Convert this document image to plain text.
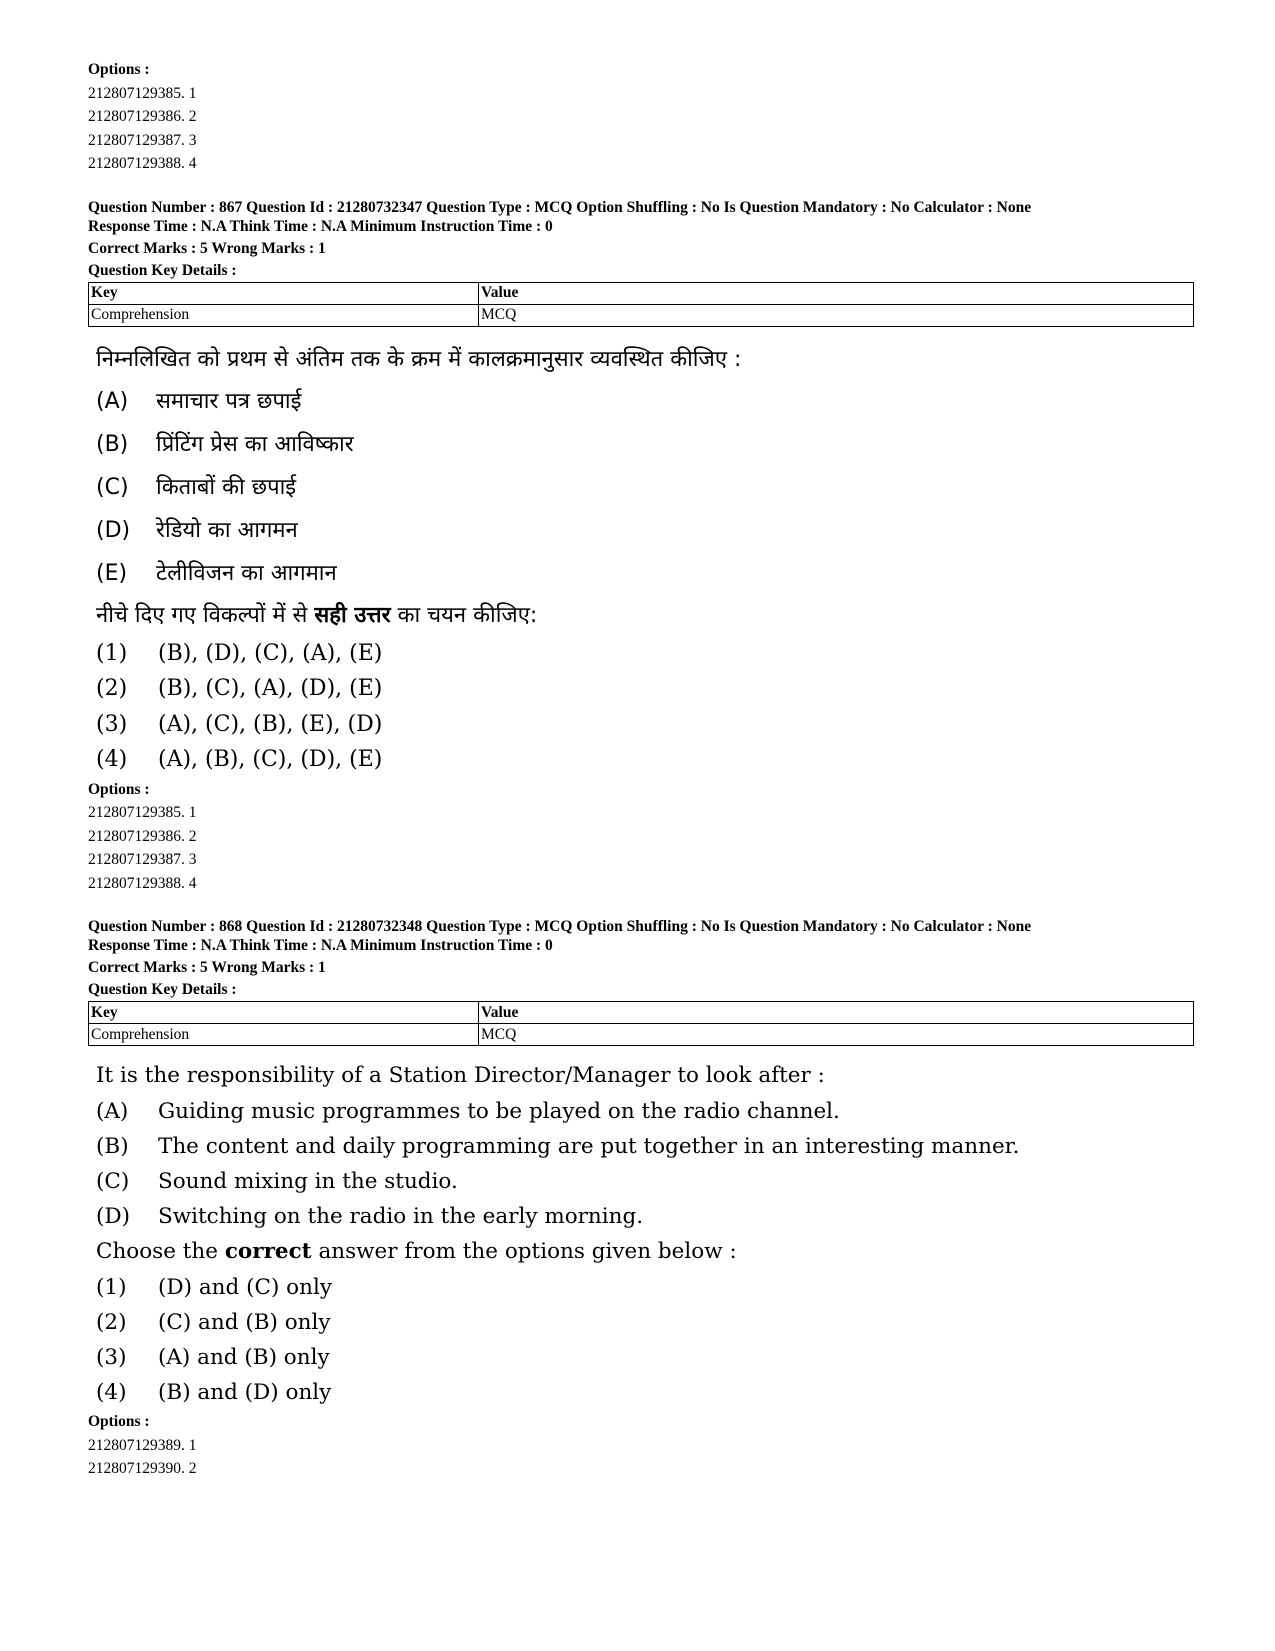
Options :
212807129385. 1
212807129386. 2
212807129387. 3
212807129388. 4
Question Number : 867 Question Id : 21280732347 Question Type : MCQ Option Shuffling : No Is Question Mandatory : No Calculator : None
Response Time : N.A Think Time : N.A Minimum Instruction Time : 0
Correct Marks : 5 Wrong Marks : 1
Question Key Details :
Key	Value
Comprehension	MCQ
निम्नलिखित को प्रथम से अंतिम तक के क्रम में कालक्रमानुसार व्यवस्थित कीजिए :
(A)	समाचार पत्र छपाई
(B)	प्रिंटिंग प्रेस का आविष्कार
(C)	किताबों की छपाई
(D)	रेडियो का आगमन
(E)	टेलीविजन का आगमान
नीचे दिए गए विकल्पों में से सही उत्तर का चयन कीजिए:
(1)	(B), (D), (C), (A), (E)
(2)	(B), (C), (A), (D), (E)
(3)	(A), (C), (B), (E), (D)
(4)	(A), (B), (C), (D), (E)
Options :
212807129385. 1
212807129386. 2
212807129387. 3
212807129388. 4
Question Number : 868 Question Id : 21280732348 Question Type : MCQ Option Shuffling : No Is Question Mandatory : No Calculator : None
Response Time : N.A Think Time : N.A Minimum Instruction Time : 0
Correct Marks : 5 Wrong Marks : 1
Question Key Details :
Key	Value
Comprehension	MCQ
It is the responsibility of a Station Director/Manager to look after :
(A)	Guiding music programmes to be played on the radio channel.
(B)	The content and daily programming are put together in an interesting manner.
(C)	Sound mixing in the studio.
(D)	Switching on the radio in the early morning.
Choose the correct answer from the options given below :
(1)	(D) and (C) only
(2)	(C) and (B) only
(3)	(A) and (B) only
(4)	(B) and (D) only
Options :
212807129389. 1
212807129390. 2
